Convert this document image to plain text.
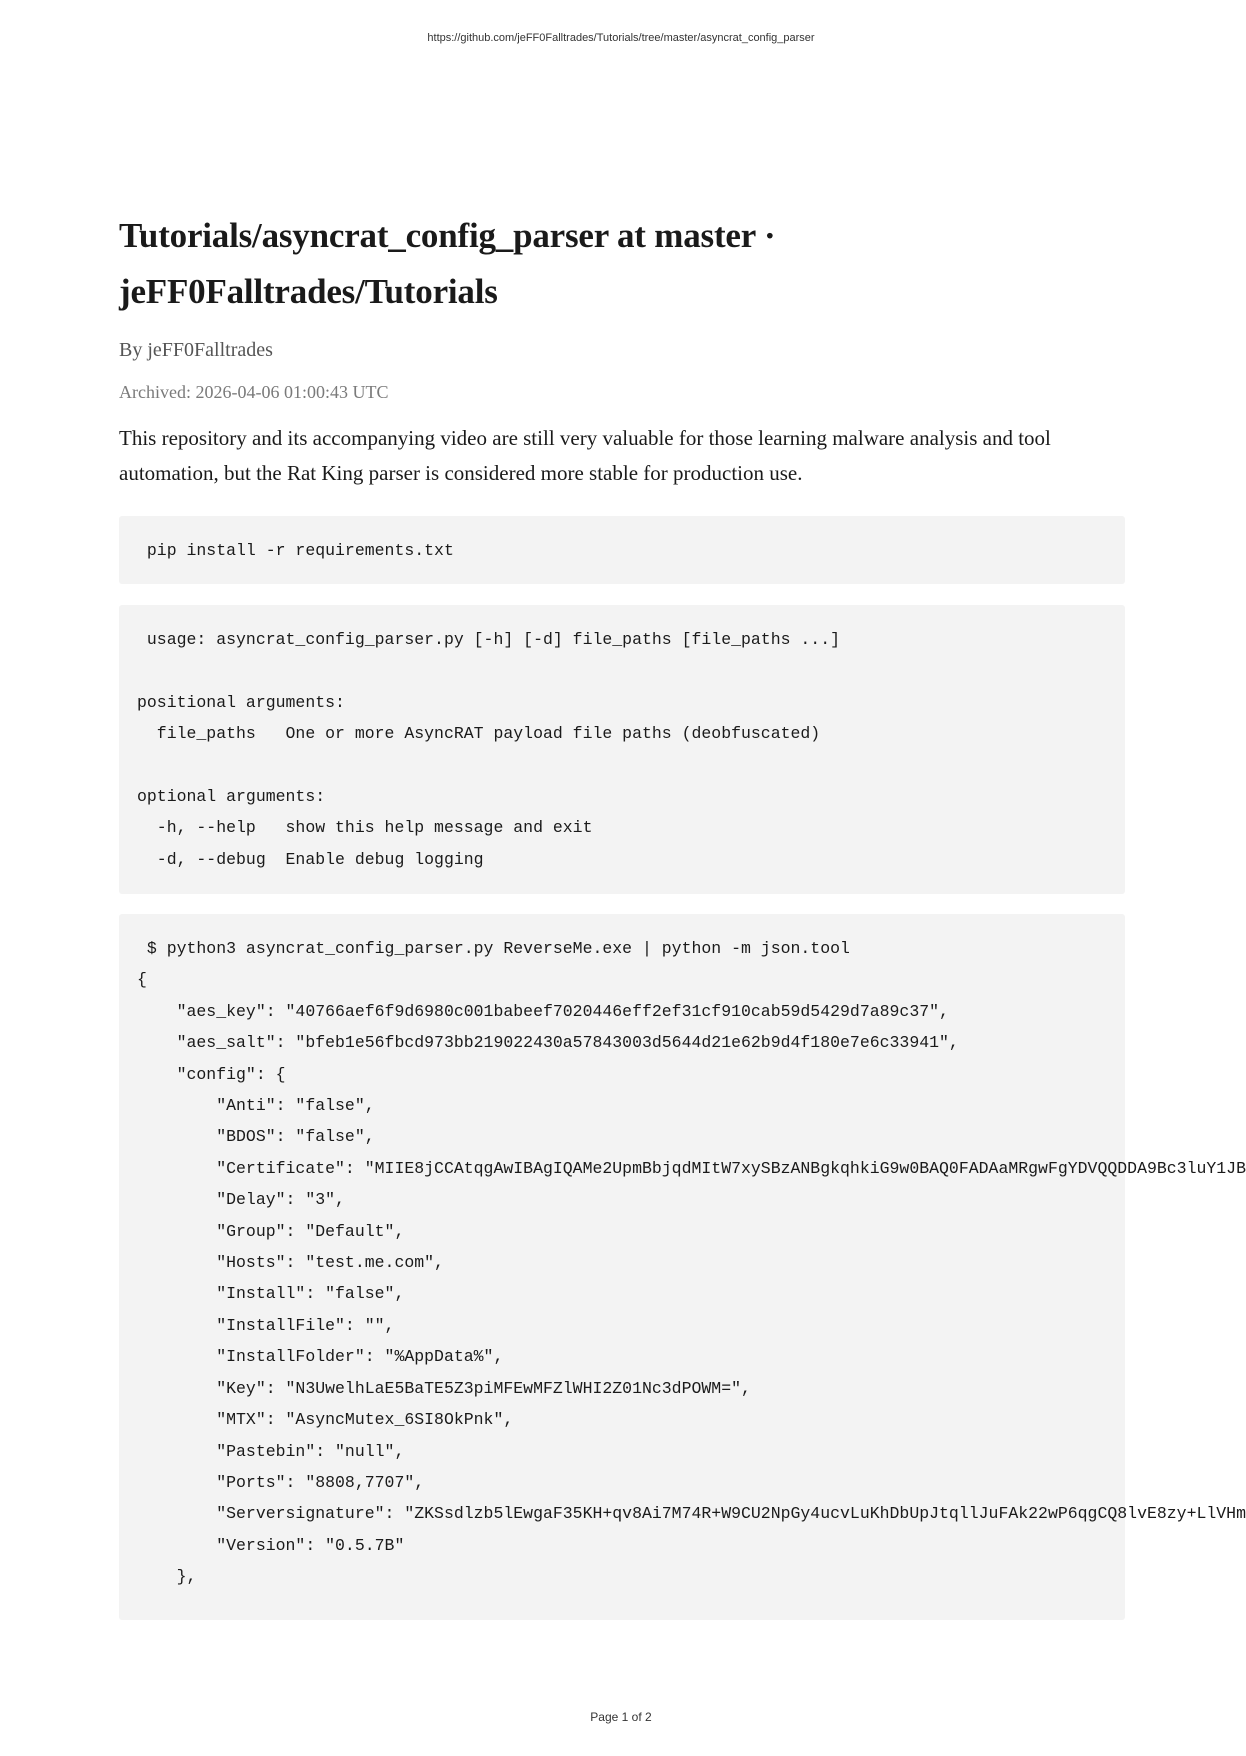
https://github.com/jeFF0Falltrades/Tutorials/tree/master/asyncrat_config_parser
Tutorials/asyncrat_config_parser at master · jeFF0Falltrades/Tutorials
By jeFF0Falltrades
Archived: 2026-04-06 01:00:43 UTC
This repository and its accompanying video are still very valuable for those learning malware analysis and tool automation, but the Rat King parser is considered more stable for production use.
pip install -r requirements.txt
usage: asyncrat_config_parser.py [-h] [-d] file_paths [file_paths ...]

positional arguments:
file_paths   One or more AsyncRAT payload file paths (deobfuscated)

optional arguments:
-h, --help   show this help message and exit
-d, --debug  Enable debug logging
$ python3 asyncrat_config_parser.py ReverseMe.exe | python -m json.tool
{
"aes_key": "40766aef6f9d6980c001babeef7020446eff2ef31cf910cab59d5429d7a89c37",
"aes_salt": "bfeb1e56fbcd973bb219022430a57843003d5644d21e62b9d4f180e7e6c33941",
"config": {
"Anti": "false",
"BDOS": "false",
"Certificate": "MIIE8jCCAtqgAwIBAgIQAMe2UpmBbjqdMItW7xySBzANBgkqhkiG9w0BAQ0FADAaMRgwFgYDVQQDDA9Bc3luY1JB
"Delay": "3",
"Group": "Default",
"Hosts": "test.me.com",
"Install": "false",
"InstallFile": "",
"InstallFolder": "%AppData%",
"Key": "N3UwelhLaE5BaTE5Z3piMFEwMFZlWHI2Z01Nc3dPOWM=",
"MTX": "AsyncMutex_6SI8OkPnk",
"Pastebin": "null",
"Ports": "8808,7707",
"Serversignature": "ZKSsdlzb5lEwgaF35KH+qv8Ai7M74R+W9CU2NpGy4ucvLuKhDbUpJtqllJuFAk22wP6qgCQ8lvE8zy+LlVHm
"Version": "0.5.7B"
},
Page 1 of 2
